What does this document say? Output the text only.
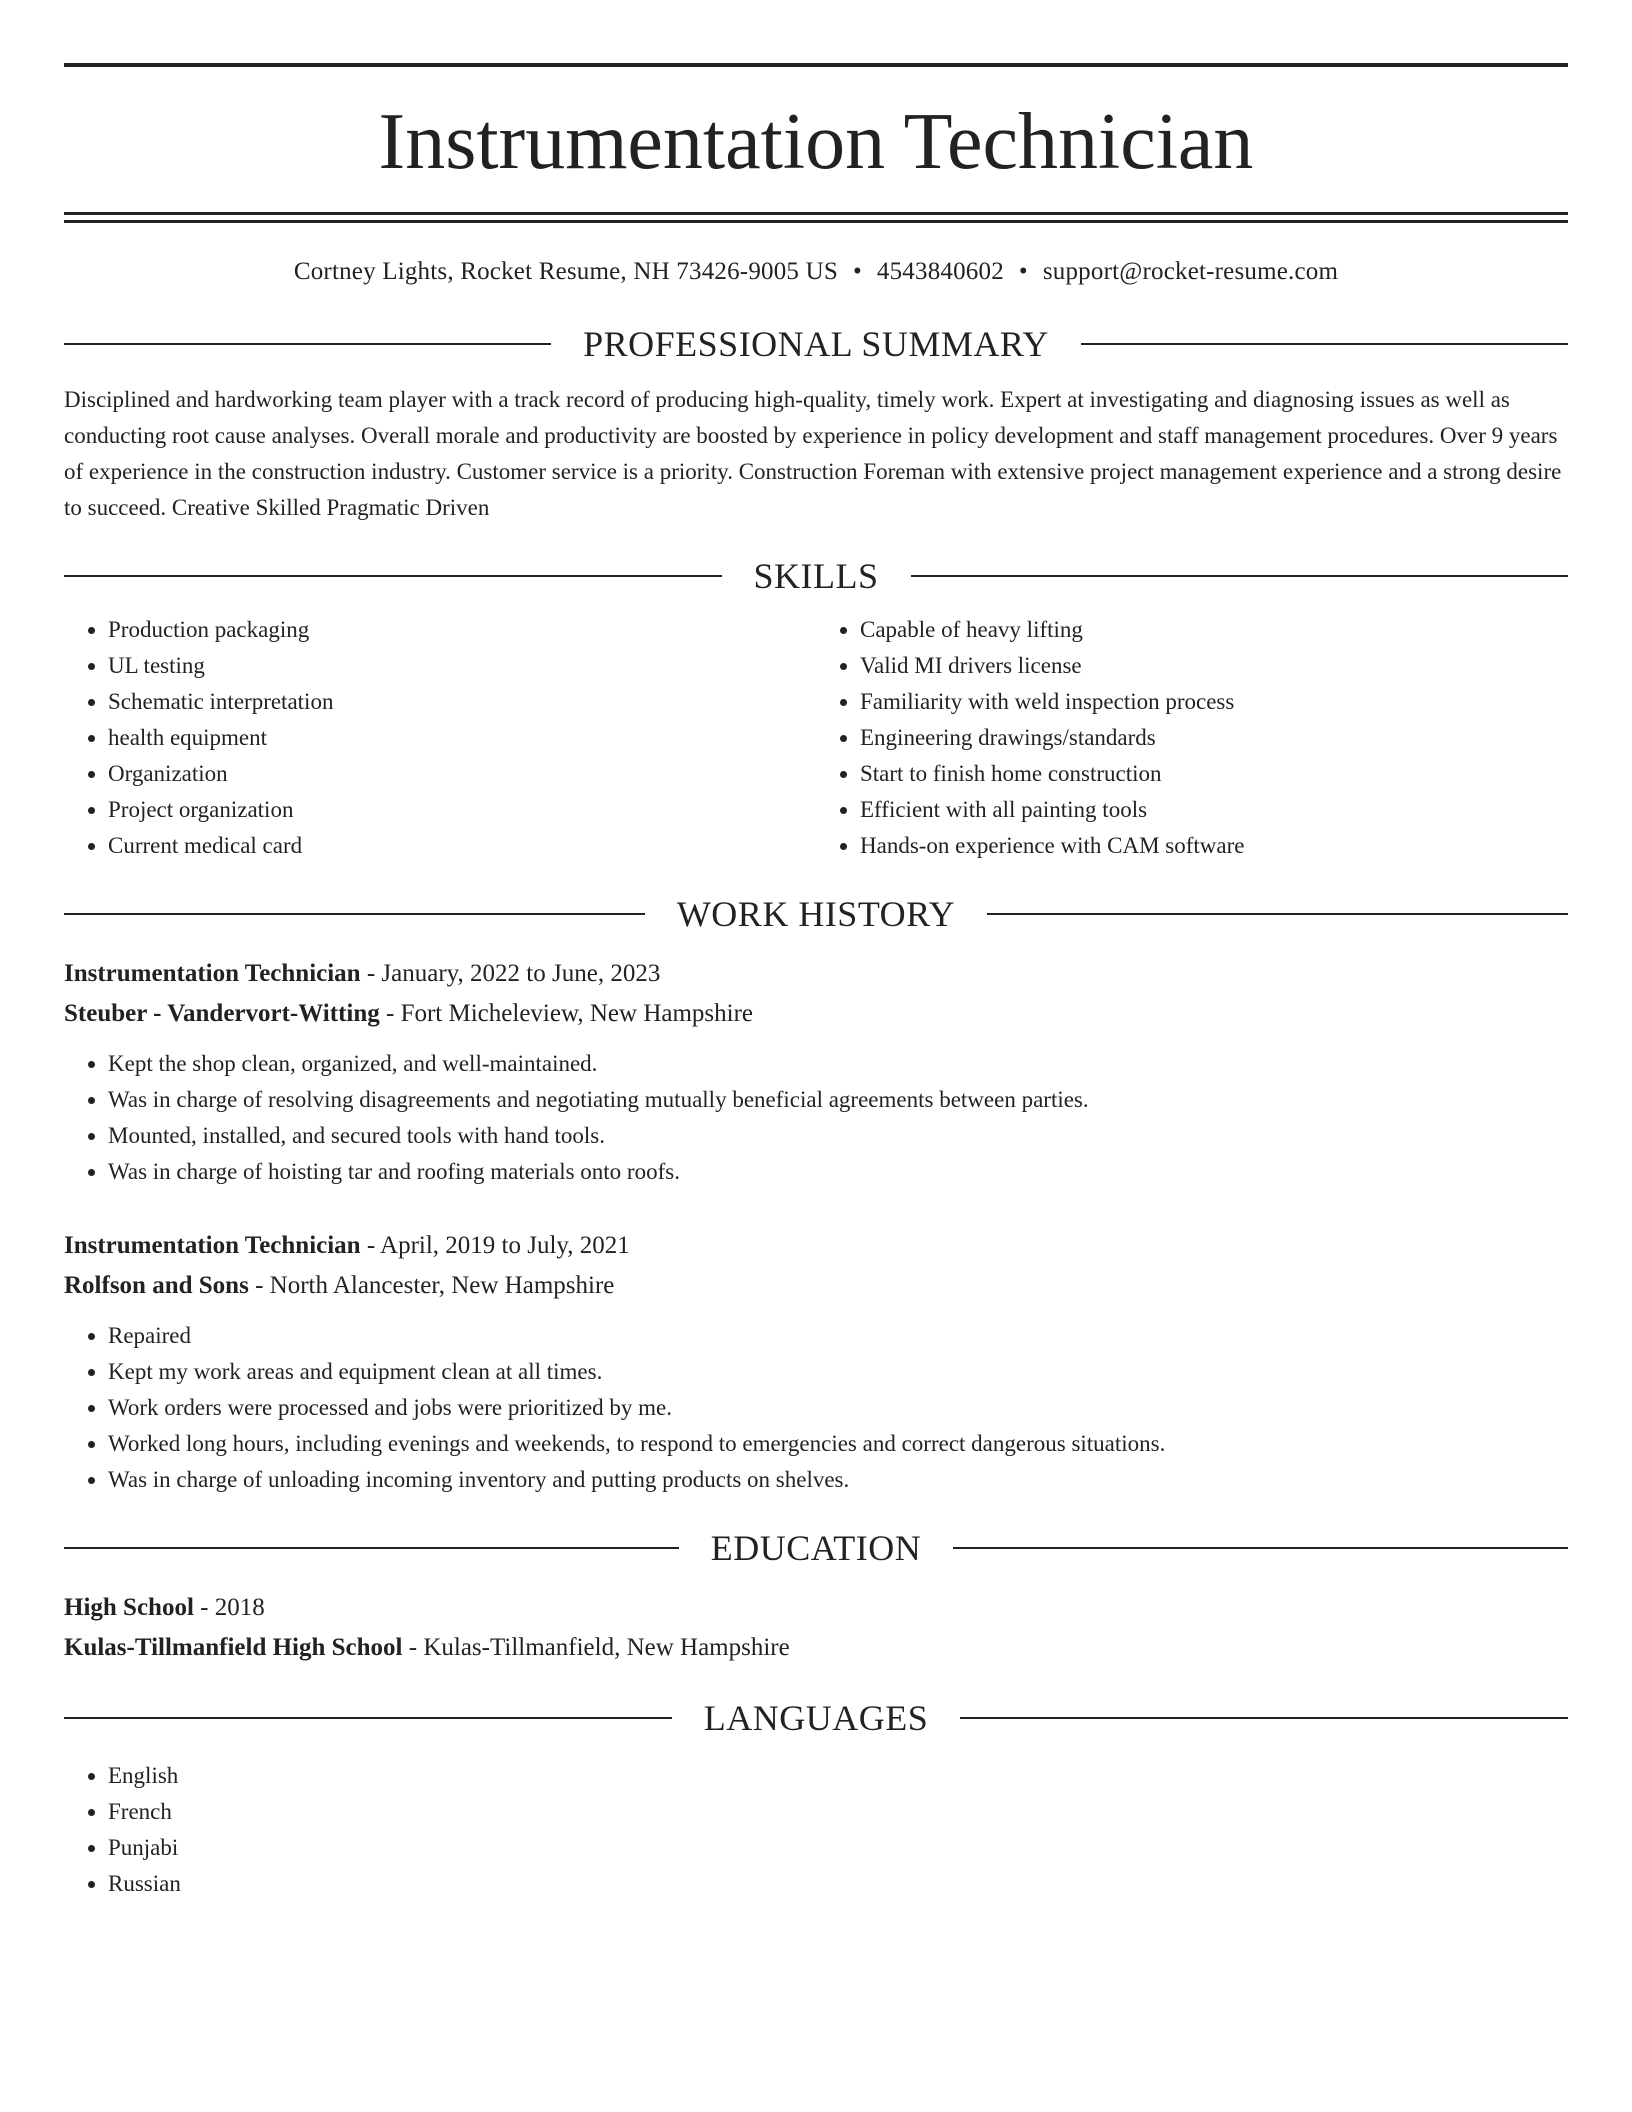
Instrumentation Technician
Cortney Lights, Rocket Resume, NH 73426-9005 US • 4543840602 • support@rocket-resume.com
PROFESSIONAL SUMMARY
Disciplined and hardworking team player with a track record of producing high-quality, timely work. Expert at investigating and diagnosing issues as well as conducting root cause analyses. Overall morale and productivity are boosted by experience in policy development and staff management procedures. Over 9 years of experience in the construction industry. Customer service is a priority. Construction Foreman with extensive project management experience and a strong desire to succeed. Creative Skilled Pragmatic Driven
SKILLS
• Production packaging
• UL testing
• Schematic interpretation
• health equipment
• Organization
• Project organization
• Current medical card
• Capable of heavy lifting
• Valid MI drivers license
• Familiarity with weld inspection process
• Engineering drawings/standards
• Start to finish home construction
• Efficient with all painting tools
• Hands-on experience with CAM software
WORK HISTORY
Instrumentation Technician - January, 2022 to June, 2023
Steuber - Vandervort-Witting - Fort Micheleview, New Hampshire
• Kept the shop clean, organized, and well-maintained.
• Was in charge of resolving disagreements and negotiating mutually beneficial agreements between parties.
• Mounted, installed, and secured tools with hand tools.
• Was in charge of hoisting tar and roofing materials onto roofs.
Instrumentation Technician - April, 2019 to July, 2021
Rolfson and Sons - North Alancester, New Hampshire
• Repaired
• Kept my work areas and equipment clean at all times.
• Work orders were processed and jobs were prioritized by me.
• Worked long hours, including evenings and weekends, to respond to emergencies and correct dangerous situations.
• Was in charge of unloading incoming inventory and putting products on shelves.
EDUCATION
High School - 2018
Kulas-Tillmanfield High School - Kulas-Tillmanfield, New Hampshire
LANGUAGES
• English
• French
• Punjabi
• Russian
